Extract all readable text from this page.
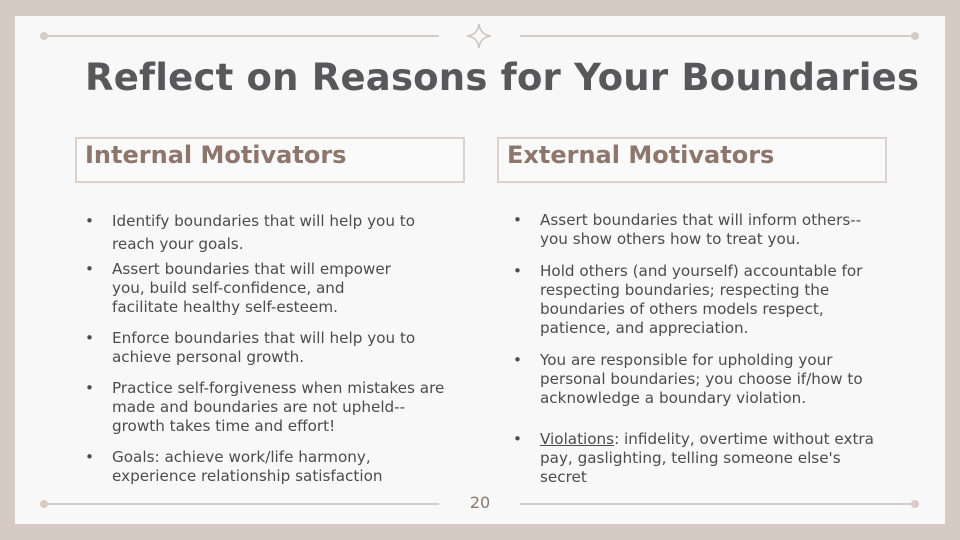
Reflect on Reasons for Your Boundaries
Internal Motivators	External Motivators
• Identify boundaries that will help you to reach your goals.
• Assert boundaries that will empower you, build self-confidence, and facilitate healthy self-esteem.
• Enforce boundaries that will help you to achieve personal growth.
• Practice self-forgiveness when mistakes are made and boundaries are not upheld--growth takes time and effort!
• Goals: achieve work/life harmony, experience relationship satisfaction
• Assert boundaries that will inform others--you show others how to treat you.
• Hold others (and yourself) accountable for respecting boundaries; respecting the boundaries of others models respect, patience, and appreciation.
• You are responsible for upholding your personal boundaries; you choose if/how to acknowledge a boundary violation.
• Violations: infidelity, overtime without extra pay, gaslighting, telling someone else's secret
20
